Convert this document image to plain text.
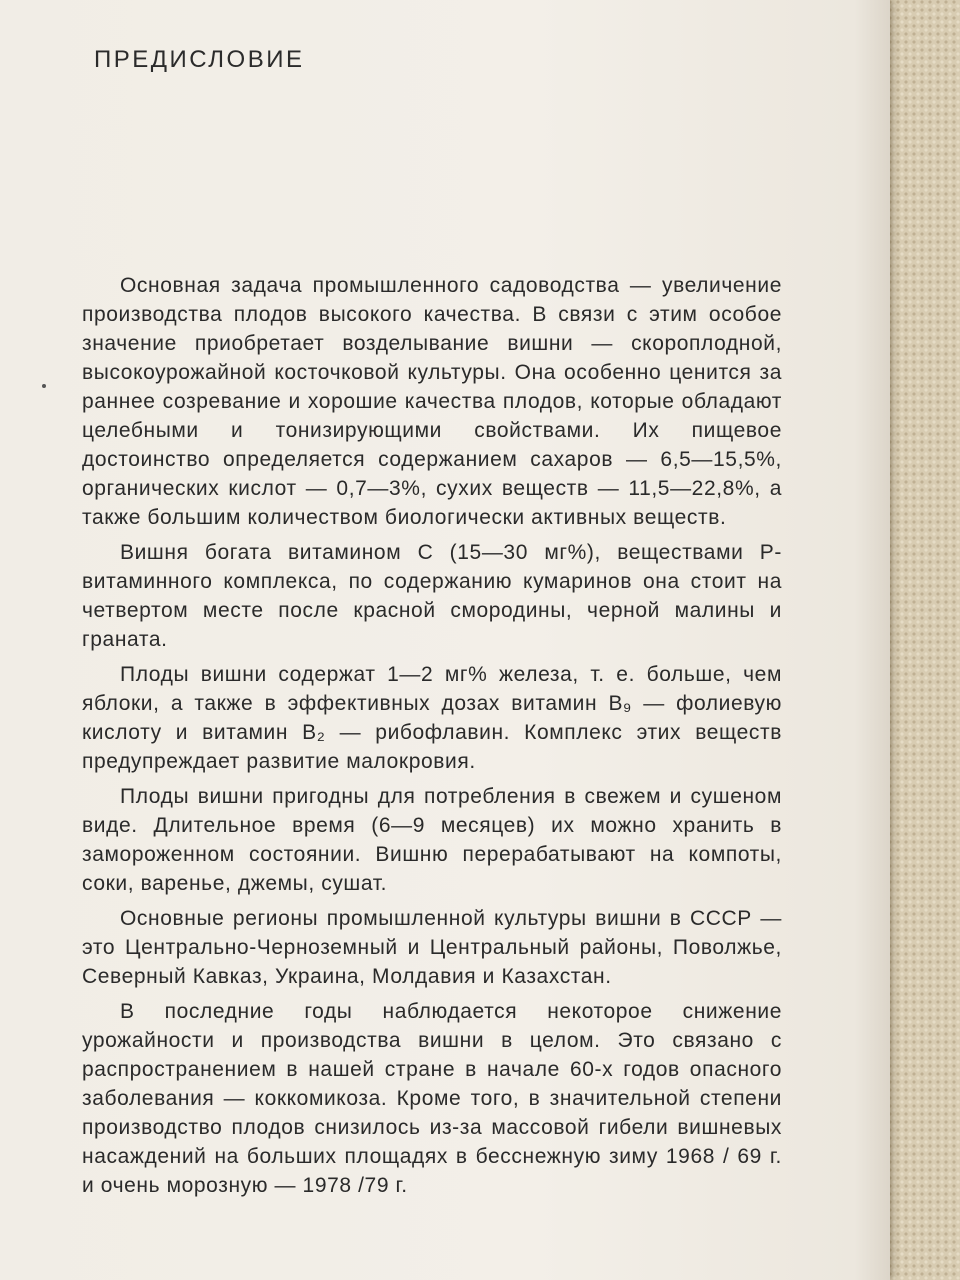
ПРЕДИСЛОВИЕ

Основная задача промышленного садоводства — увеличение производства плодов высокого качества. В связи с этим особое значение приобретает возделывание вишни — скороплодной, высокоурожайной косточковой культуры. Она особенно ценится за раннее созревание и хорошие качества плодов, которые обладают целебными и тонизирующими свойствами. Их пищевое достоинство определяется содержанием сахаров — 6,5—15,5%, органических кислот — 0,7—3%, сухих веществ — 11,5—22,8%, а также большим количеством биологически активных веществ.

Вишня богата витамином С (15—30 мг%), веществами Р-витаминного комплекса, по содержанию кумаринов она стоит на четвертом месте после красной смородины, черной малины и граната.

Плоды вишни содержат 1—2 мг% железа, т. е. больше, чем яблоки, а также в эффективных дозах витамин В₉ — фолиевую кислоту и витамин В₂ — рибофлавин. Комплекс этих веществ предупреждает развитие малокровия.

Плоды вишни пригодны для потребления в свежем и сушеном виде. Длительное время (6—9 месяцев) их можно хранить в замороженном состоянии. Вишню перерабатывают на компоты, соки, варенье, джемы, сушат.

Основные регионы промышленной культуры вишни в СССР — это Центрально-Черноземный и Центральный районы, Поволжье, Северный Кавказ, Украина, Молдавия и Казахстан.

В последние годы наблюдается некоторое снижение урожайности и производства вишни в целом. Это связано с распространением в нашей стране в начале 60-х годов опасного заболевания — коккомикоза. Кроме того, в значительной степени производство плодов снизилось из-за массовой гибели вишневых насаждений на больших площадях в бесснежную зиму 1968 / 69 г. и очень морозную — 1978 /79 г.
